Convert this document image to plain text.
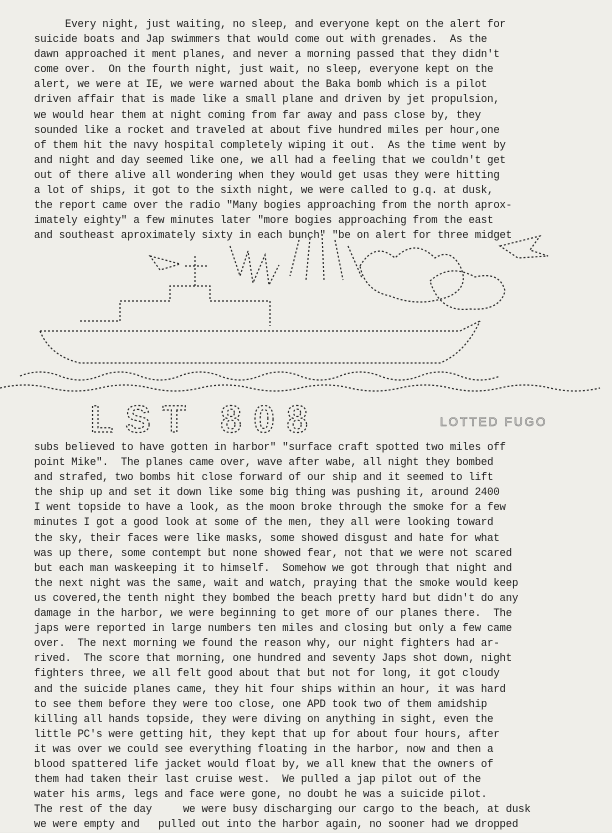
Every night, just waiting, no sleep, and everyone kept on the alert for
suicide boats and Jap swimmers that would come out with grenades.  As the
dawn approached it ment planes, and never a morning passed that they didn't
come over.  On the fourth night, just wait, no sleep, everyone kept on the
alert, we were at IE, we were warned about the Baka bomb which is a pilot
driven affair that is made like a small plane and driven by jet propulsion,
we would hear them at night coming from far away and pass close by, they
sounded like a rocket and traveled at about five hundred miles per hour,one
of them hit the navy hospital completely wiping it out.  As the time went by
and night and day seemed like one, we all had a feeling that we couldn't get
out of there alive all wondering when they would get usas they were hitting
a lot of ships, it got to the sixth night, we were called to g.q. at dusk,
the report came over the radio "Many bogies approaching from the north aprox-
imately eighty" a few minutes later "more bogies approaching from the east
and southeast aproximately sixty in each bunch" "be on alert for three midget
LST 808	LOTTED FUGO
subs believed to have gotten in harbor" "surface craft spotted two miles off
point Mike".  The planes came over, wave after wabe, all night they bombed
and strafed, two bombs hit close forward of our ship and it seemed to lift
the ship up and set it down like some big thing was pushing it, around 2400
I went topside to have a look, as the moon broke through the smoke for a few
minutes I got a good look at some of the men, they all were looking toward
the sky, their faces were like masks, some showed disgust and hate for what
was up there, some contempt but none showed fear, not that we were not scared
but each man waskeeping it to himself.  Somehow we got through that night and
the next night was the same, wait and watch, praying that the smoke would keep
us covered,the tenth night they bombed the beach pretty hard but didn't do any
damage in the harbor, we were beginning to get more of our planes there.  The
japs were reported in large numbers ten miles and closing but only a few came
over.  The next morning we found the reason why, our night fighters had ar-
rived.  The score that morning, one hundred and seventy Japs shot down, night
fighters three, we all felt good about that but not for long, it got cloudy
and the suicide planes came, they hit four ships within an hour, it was hard
to see them before they were too close, one APD took two of them amidship
killing all hands topside, they were diving on anything in sight, even the
little PC's were getting hit, they kept that up for about four hours, after
it was over we could see everything floating in the harbor, now and then a
blood spattered life jacket would float by, we all knew that the owners of
them had taken their last cruise west.  We pulled a jap pilot out of the
water his arms, legs and face were gone, no doubt he was a suicide pilot.
The rest of the day     we were busy discharging our cargo to the beach, at dusk
we were empty and   pulled out into the harbor again, no sooner had we dropped
